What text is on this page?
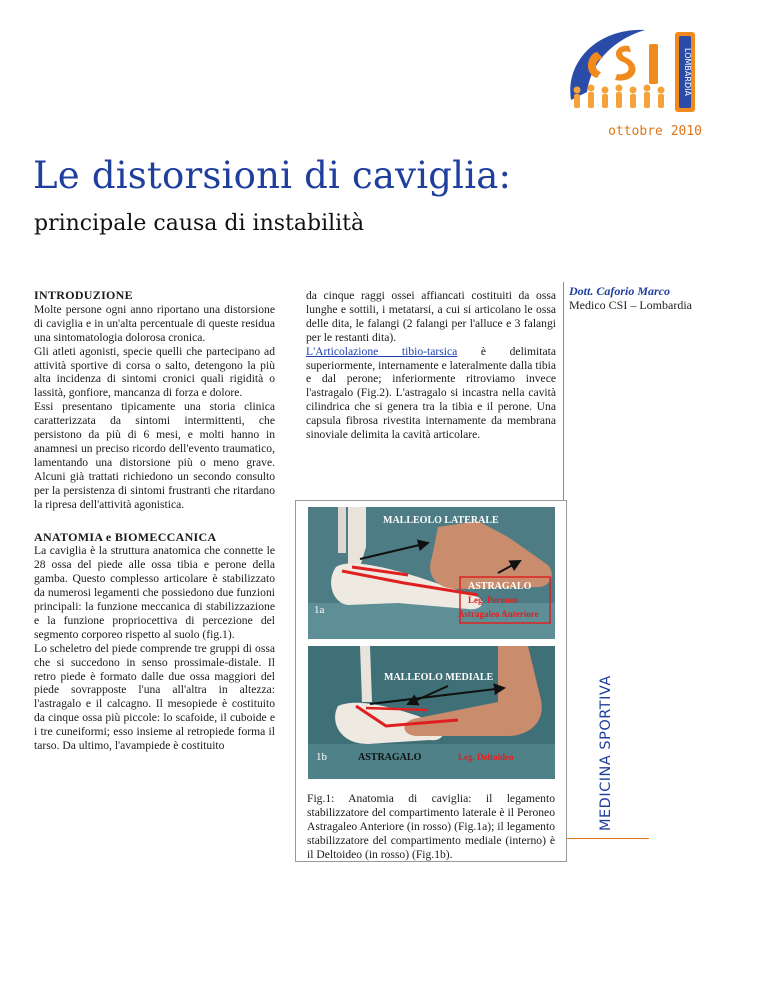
LOMBARDIA
ottobre 2010
Le distorsioni di caviglia:
principale causa di instabilità

INTRODUZIONE

Molte persone ogni anno riportano una distorsione di caviglia e in un'alta percentuale di queste residua una sintomatologia dolorosa cronica.

Gli atleti agonisti, specie quelli che partecipano ad attività sportive di corsa o salto, detengono la più alta incidenza di sintomi cronici quali rigidità o lassità, gonfiore, mancanza di forza e dolore.

Essi presentano tipicamente una storia clinica caratterizzata da sintomi intermittenti, che persistono da più di 6 mesi, e molti hanno in anamnesi un preciso ricordo dell'evento traumatico, lamentando una distorsione più o meno grave. Alcuni già trattati richiedono un secondo consulto per la persistenza di sintomi frustranti che ritardano la ripresa dell'attività agonistica.

ANATOMIA e BIOMECCANICA

La caviglia è la struttura anatomica che connette le 28 ossa del piede alle ossa tibia e perone della gamba. Questo complesso articolare è stabilizzato da numerosi legamenti che possiedono due funzioni principali: la funzione meccanica di stabilizzazione e la funzione propriocettiva di percezione del segmento corporeo rispetto al suolo (fig.1).

Lo scheletro del piede comprende tre gruppi di ossa che si succedono in senso prossimale-distale. Il retro piede è formato dalle due ossa maggiori del piede sovrapposte l'una all'altra in altezza: l'astragalo e il calcagno. Il mesopiede è costituito da cinque ossa più piccole: lo scafoide, il cuboide e i tre cuneiformi; esso insieme al retropiede forma il tarso. Da ultimo, l'avampiede è costituito

da cinque raggi ossei affiancati costituiti da ossa lunghe e sottili, i metatarsi, a cui si articolano le ossa delle dita, le falangi (2 falangi per l'alluce e 3 falangi per le restanti dita).

L'Articolazione tibio-tarsica è delimitata superiormente, internamente e lateralmente dalla tibia e dal perone; inferiormente ritroviamo invece l'astragalo (Fig.2). L'astragalo si incastra nella cavità cilindrica che si genera tra la tibia e il perone. Una capsula fibrosa rivestita internamente da membrana sinoviale delimita la cavità articolare.

Dott. Caforio Marco
Medico CSI – Lombardia
MEDICINA SPORTIVA
MALLEOLO LATERALE
ASTRAGALO
Leg. Peroneo
Astragaleo Anteriore
1a
MALLEOLO MEDIALE
ASTRAGALO	Leg. Deltoideo
1b
Fig.1: Anatomia di caviglia: il legamento stabilizzatore del compartimento laterale è il Peroneo Astragaleo Anteriore (in rosso) (Fig.1a); il legamento stabilizzatore del compartimento mediale (interno) è il Deltoideo (in rosso) (Fig.1b).
